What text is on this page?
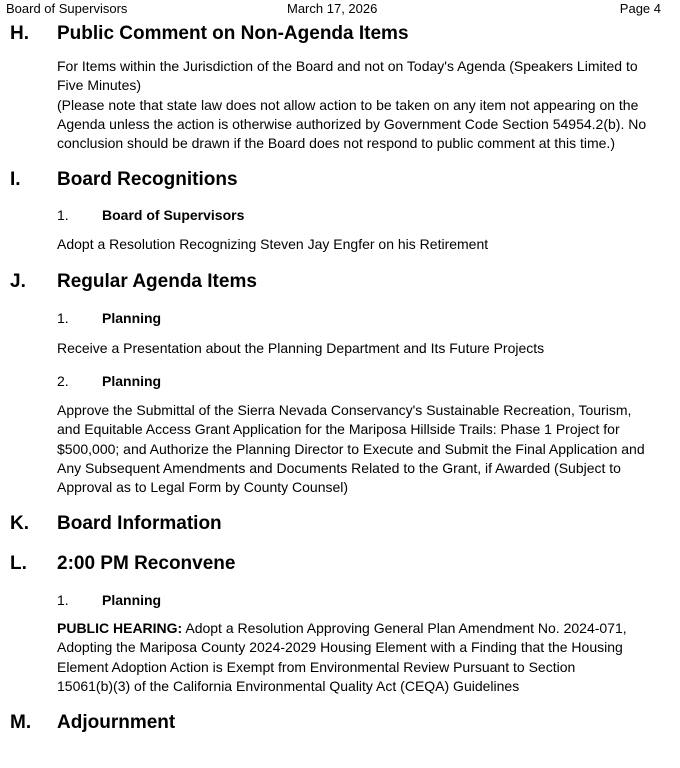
Board of Supervisors	March 17, 2026	Page 4
H. Public Comment on Non-Agenda Items

For Items within the Jurisdiction of the Board and not on Today's Agenda (Speakers Limited to

Five Minutes)

(Please note that state law does not allow action to be taken on any item not appearing on the

Agenda unless the action is otherwise authorized by Government Code Section 54954.2(b). No

conclusion should be drawn if the Board does not respond to public comment at this time.)

I. Board Recognitions
1. Board of Supervisors

Adopt a Resolution Recognizing Steven Jay Engfer on his Retirement

J. Regular Agenda Items
1. Planning

Receive a Presentation about the Planning Department and Its Future Projects

2. Planning

Approve the Submittal of the Sierra Nevada Conservancy's Sustainable Recreation, Tourism,

and Equitable Access Grant Application for the Mariposa Hillside Trails: Phase 1 Project for

$500,000; and Authorize the Planning Director to Execute and Submit the Final Application and

Any Subsequent Amendments and Documents Related to the Grant, if Awarded (Subject to

Approval as to Legal Form by County Counsel)

K. Board Information
L. 2:00 PM Reconvene
1. Planning

PUBLIC HEARING: Adopt a Resolution Approving General Plan Amendment No. 2024-071,

Adopting the Mariposa County 2024-2029 Housing Element with a Finding that the Housing

Element Adoption Action is Exempt from Environmental Review Pursuant to Section

15061(b)(3) of the California Environmental Quality Act (CEQA) Guidelines

M. Adjournment
